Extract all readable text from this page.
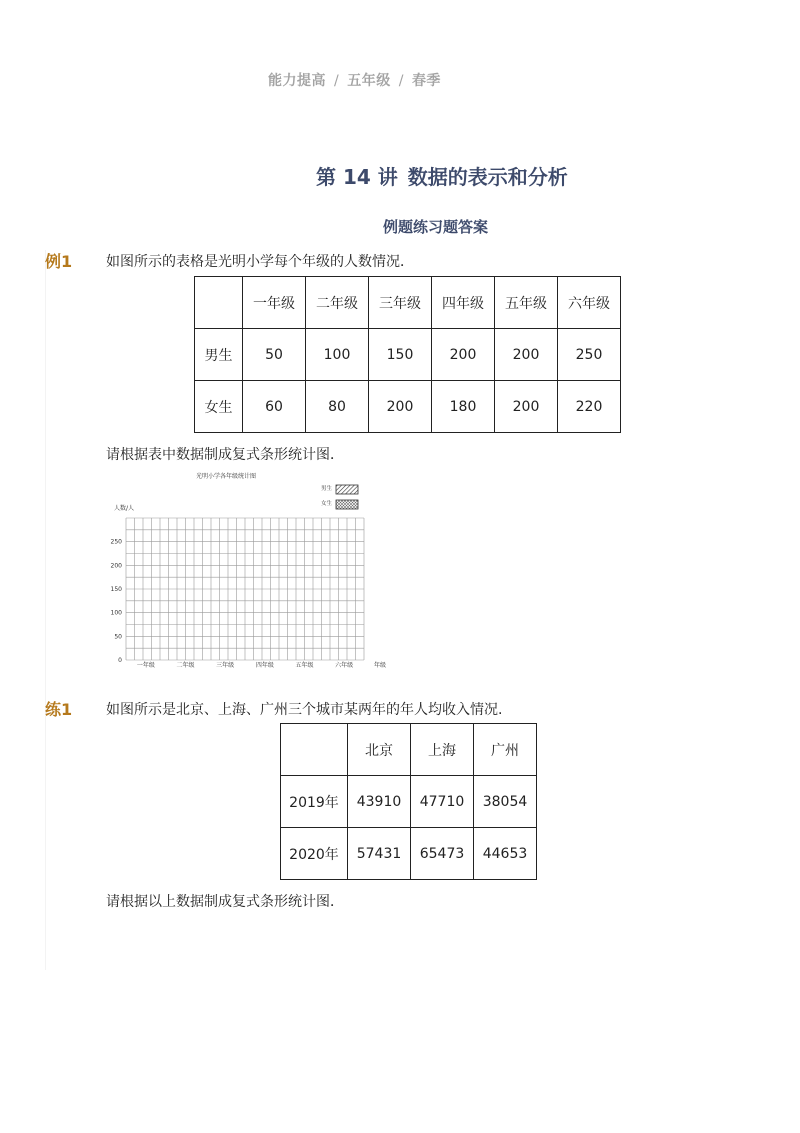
能力提高 / 五年级 / 春季
第 14 讲 数据的表示和分析
例题练习题答案
例1 如图所示的表格是光明小学每个年级的人数情况．
	一年级	二年级	三年级	四年级	五年级	六年级
男生	50	100	150	200	200	250
女生	60	80	200	180	200	220
请根据表中数据制成复式条形统计图．
光明小学各年级统计图
人数/人
年级
0
50
100
150
200
250
一年级	二年级	三年级	四年级	五年级	六年级
男生
女生
练1 如图所示是北京、上海、广州三个城市某两年的年人均收入情况.
	北京	上海	广州
2019年	43910	47710	38054
2020年	57431	65473	44653
请根据以上数据制成复式条形统计图．
